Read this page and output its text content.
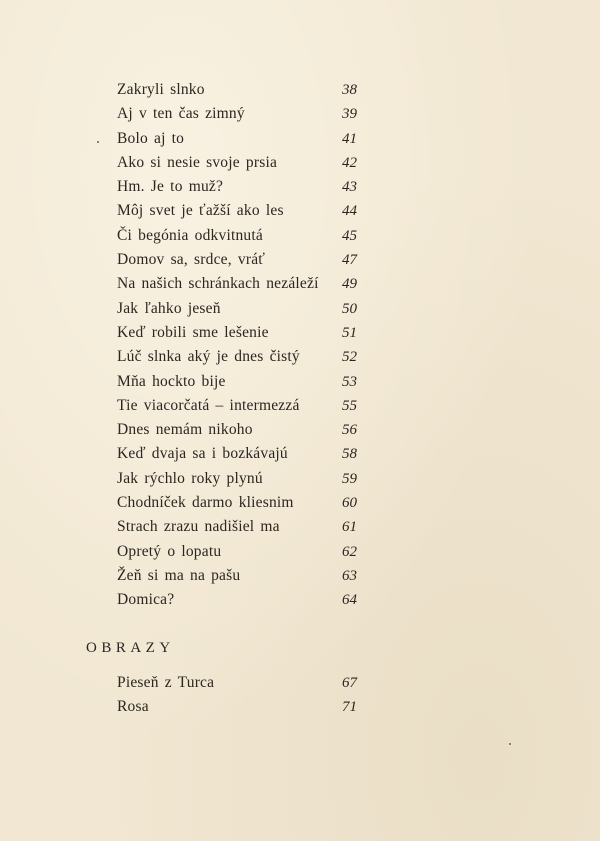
Zakryli slnko	38
Aj v ten čas zimný	39
Bolo aj to	41
Ako si nesie svoje prsia	42
Hm. Je to muž?	43
Môj svet je ťažší ako les	44
Či begónia odkvitnutá	45
Domov sa, srdce, vráť	47
Na našich schránkach nezáleží 49
Jak ľahko jeseň	50
Keď robili sme lešenie	51
Lúč slnka aký je dnes čistý	52
Mňa hockto bije	53
Tie viacorčatá – intermezzá	55
Dnes nemám nikoho	56
Keď dvaja sa i bozkávajú	58
Jak rýchlo roky plynú	59
Chodníček darmo kliesnim	60
Strach zrazu nadišiel ma	61
Opretý o lopatu	62
Žeň si ma na pašu	63
Domica?	64
OBRAZY
Pieseň z Turca	67
Rosa	71
